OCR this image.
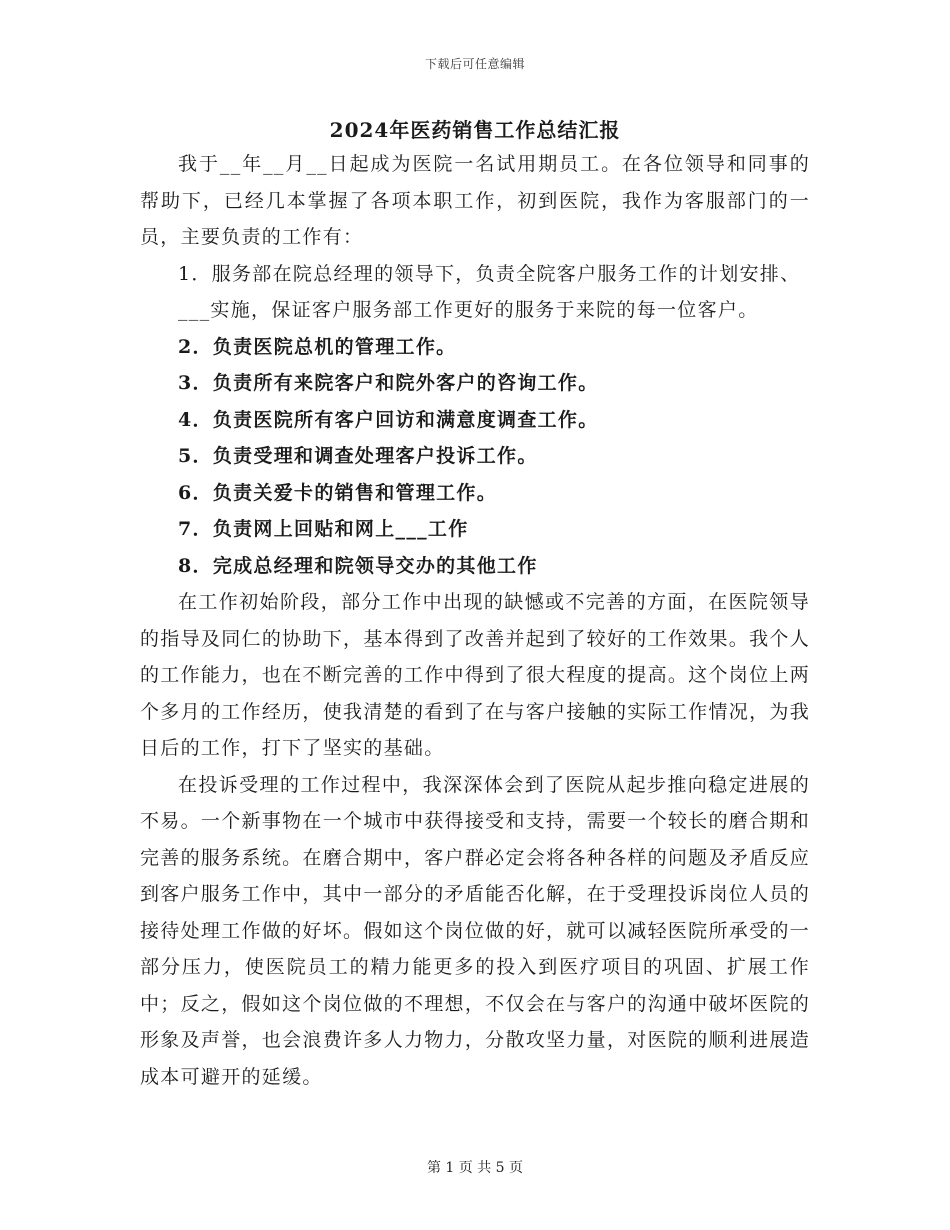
下载后可任意编辑
2024年医药销售工作总结汇报

我于__年__月__日起成为医院一名试用期员工。在各位领导和同事的帮助下，已经几本掌握了各项本职工作，初到医院，我作为客服部门的一员，主要负责的工作有：

1．服务部在院总经理的领导下，负责全院客户服务工作的计划安排、___实施，保证客户服务部工作更好的服务于来院的每一位客户。

2．负责医院总机的管理工作。

3．负责所有来院客户和院外客户的咨询工作。

4．负责医院所有客户回访和满意度调查工作。

5．负责受理和调查处理客户投诉工作。

6．负责关爱卡的销售和管理工作。

7．负责网上回贴和网上___工作

8．完成总经理和院领导交办的其他工作

在工作初始阶段，部分工作中出现的缺憾或不完善的方面，在医院领导的指导及同仁的协助下，基本得到了改善并起到了较好的工作效果。我个人的工作能力，也在不断完善的工作中得到了很大程度的提高。这个岗位上两个多月的工作经历，使我清楚的看到了在与客户接触的实际工作情况，为我日后的工作，打下了坚实的基础。

在投诉受理的工作过程中，我深深体会到了医院从起步推向稳定进展的不易。一个新事物在一个城市中获得接受和支持，需要一个较长的磨合期和完善的服务系统。在磨合期中，客户群必定会将各种各样的问题及矛盾反应到客户服务工作中，其中一部分的矛盾能否化解，在于受理投诉岗位人员的接待处理工作做的好坏。假如这个岗位做的好，就可以减轻医院所承受的一部分压力，使医院员工的精力能更多的投入到医疗项目的巩固、扩展工作中；反之，假如这个岗位做的不理想，不仅会在与客户的沟通中破坏医院的形象及声誉，也会浪费许多人力物力，分散攻坚力量，对医院的顺利进展造成本可避开的延缓。

第 1 页 共 5 页
